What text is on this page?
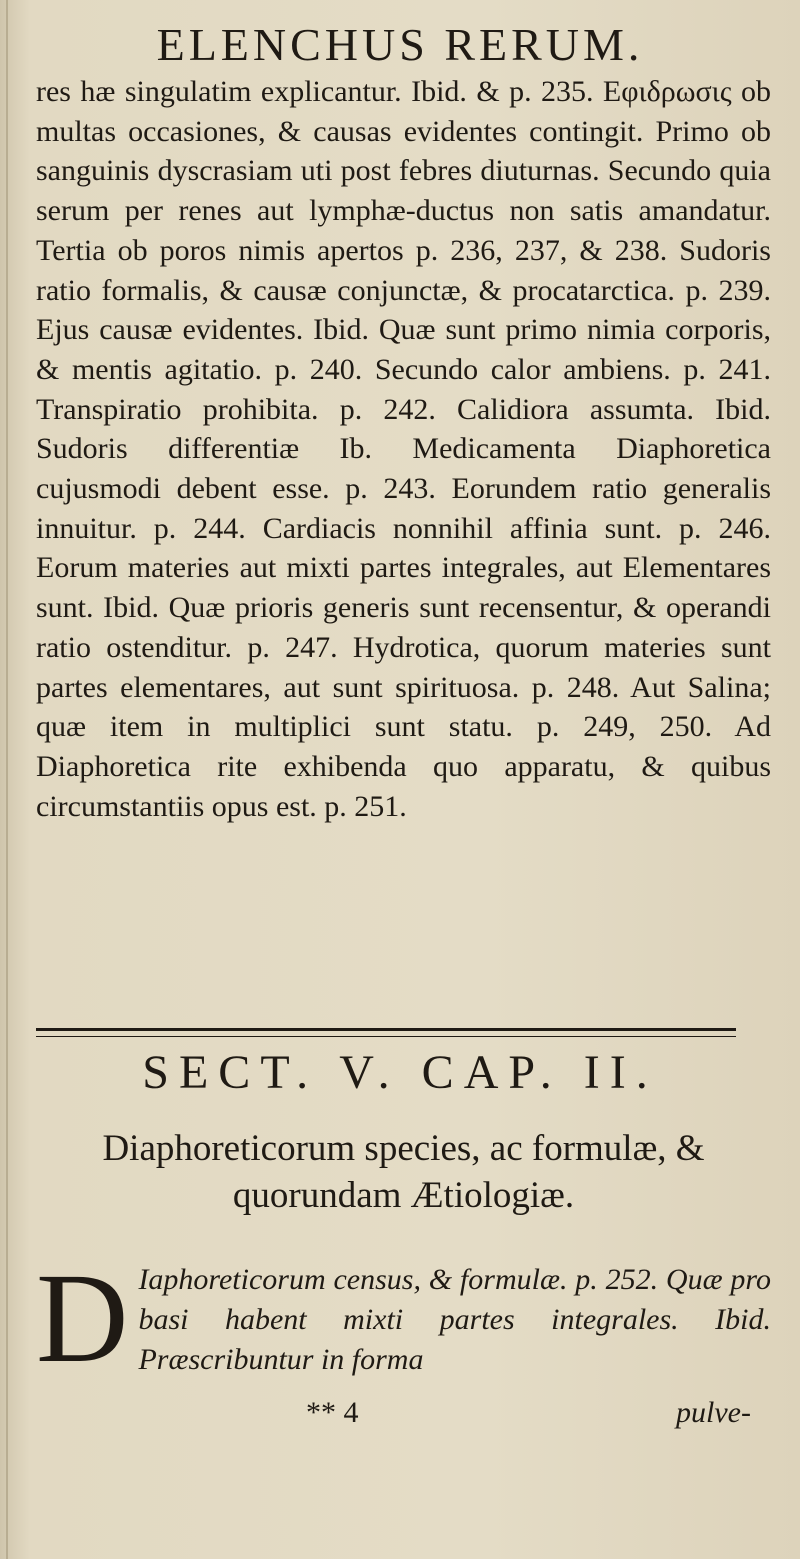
ELENCHUS RERUM.

res hæ singulatim explicantur. Ibid. & p. 235. Εφιδρωσις ob multas occasiones, & causas evidentes contingit. Primo ob sanguinis dyscrasiam uti post febres diuturnas. Secundo quia serum per renes aut lymphæ-ductus non satis amandatur. Tertia ob poros nimis apertos p. 236, 237, & 238. Sudoris ratio formalis, & causæ conjunctæ, & procatarctica. p. 239. Ejus causæ evidentes. Ibid. Quæ sunt primo nimia corporis, & mentis agitatio. p. 240. Secundo calor ambiens. p. 241. Transpiratio prohibita. p. 242. Calidiora assumta. Ibid. Sudoris differentiæ Ib. Medicamenta Diaphoretica cujusmodi debent esse. p. 243. Eorundem ratio generalis innuitur. p. 244. Cardiacis nonnihil affinia sunt. p. 246. Eorum materies aut mixti partes integrales, aut Elementares sunt. Ibid. Quæ prioris generis sunt recensentur, & operandi ratio ostenditur. p. 247. Hydrotica, quorum materies sunt partes elementares, aut sunt spirituosa. p. 248. Aut Salina; quæ item in multiplici sunt statu. p. 249, 250. Ad Diaphoretica rite exhibenda quo apparatu, & quibus circumstantiis opus est. p. 251.

SECT. V. CAP. II.
Diaphoreticorum species, ac formulæ, & quorundam Ætiologiæ.
D Iaphoreticorum census, & formulæ. p. 252. Quæ pro basi habent mixti partes integrales. Ibid. Præscribuntur in forma

** 4	pulve-
